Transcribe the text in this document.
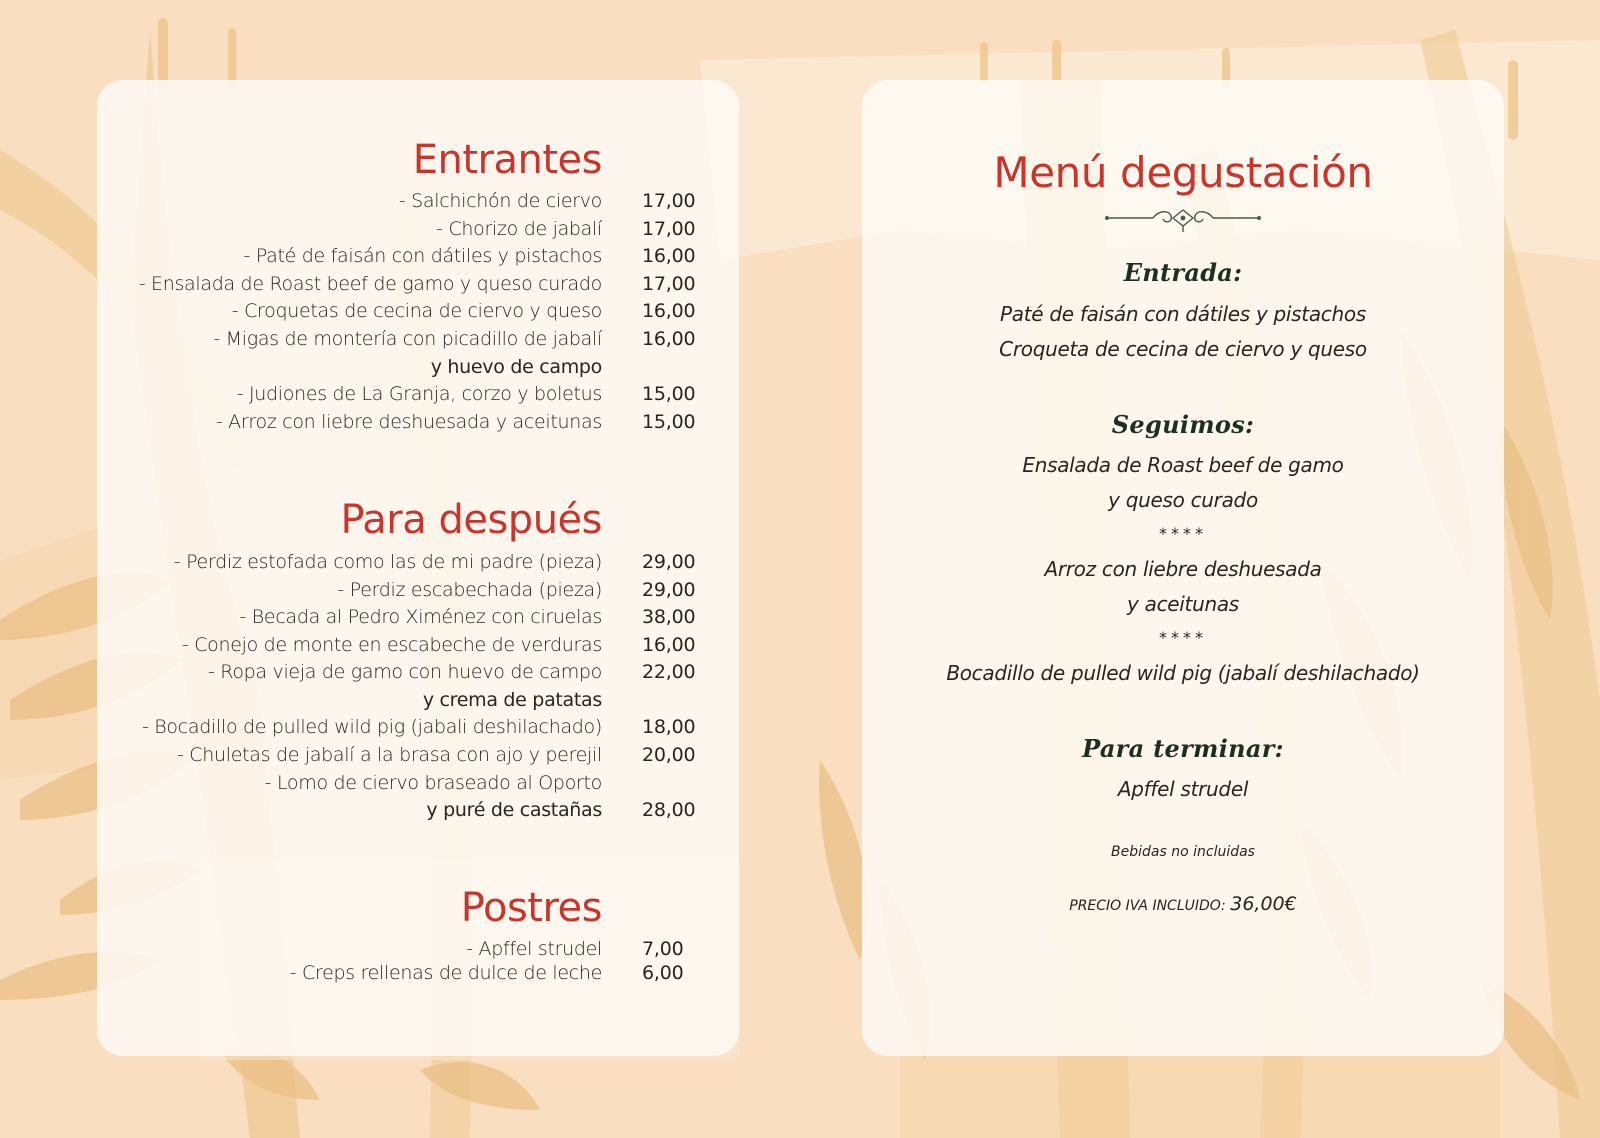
Entrantes
- Salchichón de ciervo 17,00
- Chorizo de jabalí 17,00
- Paté de faisán con dátiles y pistachos 16,00
- Ensalada de Roast beef de gamo y queso curado 17,00
- Croquetas de cecina de ciervo y queso 16,00
- Migas de montería con picadillo de jabalí
y huevo de campo
16,00
- Judiones de La Granja, corzo y boletus 15,00
- Arroz con liebre deshuesada y aceitunas 15,00
Para después
- Perdiz estofada como las de mi padre (pieza) 29,00
- Perdiz escabechada (pieza) 29,00
- Becada al Pedro Ximénez con ciruelas 38,00
- Conejo de monte en escabeche de verduras 16,00
- Ropa vieja de gamo con huevo de campo
y crema de patatas
22,00
- Bocadillo de pulled wild pig (jabali deshilachado) 18,00
- Chuletas de jabalí a la brasa con ajo y perejil 20,00
- Lomo de ciervo braseado al Oporto
y puré de castañas 28,00
Postres
- Apffel strudel 7,00
- Creps rellenas de dulce de leche 6,00
Menú degustación
Entrada:
Paté de faisán con dátiles y pistachos
Croqueta de cecina de ciervo y queso
Seguimos:
Ensalada de Roast beef de gamo
y queso curado
****
Arroz con liebre deshuesada
y aceitunas
****
Bocadillo de pulled wild pig (jabalí deshilachado)
Para terminar:
Apffel strudel
Bebidas no incluidas
PRECIO IVA INCLUIDO: 36,00€
